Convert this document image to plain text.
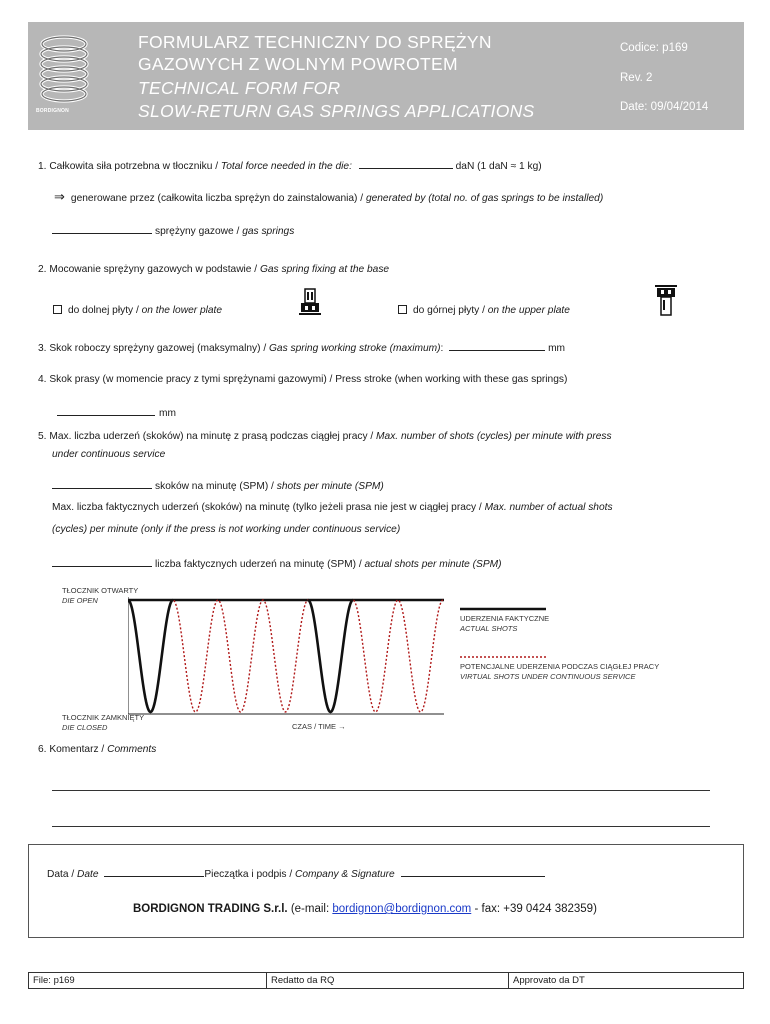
BORDIGNON
FORMULARZ TECHNICZNY DO SPRĘŻYN
GAZOWYCH Z WOLNYM POWROTEM
TECHNICAL FORM FOR
SLOW-RETURN GAS SPRINGS APPLICATIONS
Codice: p169
Rev. 2
Date: 09/04/2014
1. Całkowita siła potrzebna w tłoczniku / Total force needed in the die:	daN (1 daN ≈ 1 kg)
⇒ generowane przez (całkowita liczba sprężyn do zainstalowania) / generated by (total no. of gas springs to be installed)
sprężyny gazowe / gas springs
2. Mocowanie sprężyny gazowych w podstawie / Gas spring fixing at the base
do dolnej płyty / on the lower plate	do górnej płyty / on the upper plate
3. Skok roboczy sprężyny gazowej (maksymalny) / Gas spring working stroke (maximum):	mm
4. Skok prasy (w momencie pracy z tymi sprężynami gazowymi) / Press stroke (when working with these gas springs)
mm
5. Max. liczba uderzeń (skoków) na minutę z prasą podczas ciągłej pracy / Max. number of shots (cycles) per minute with press
under continuous service
skoków na minutę (SPM) / shots per minute (SPM)
Max. liczba faktycznych uderzeń (skoków) na minutę (tylko jeżeli prasa nie jest w ciągłej pracy / Max. number of actual shots
(cycles) per minute (only if the press is not working under continuous service)
liczba faktycznych uderzeń na minutę (SPM) / actual shots per minute (SPM)
TŁOCZNIK OTWARTY
DIE OPEN
TŁOCZNIK ZAMKNIĘTY
DIE CLOSED	CZAS / TIME →
UDERZENIA FAKTYCZNE
ACTUAL SHOTS
POTENCJALNE UDERZENIA PODCZAS CIĄGŁEJ PRACY
VIRTUAL SHOTS UNDER CONTINUOUS SERVICE
6. Komentarz / Comments
Data / Date	Pieczątka i podpis / Company & Signature
BORDIGNON TRADING S.r.l. (e-mail: bordignon@bordignon.com - fax: +39 0424 382359)
File: p169	Redatto da RQ	Approvato da DT
